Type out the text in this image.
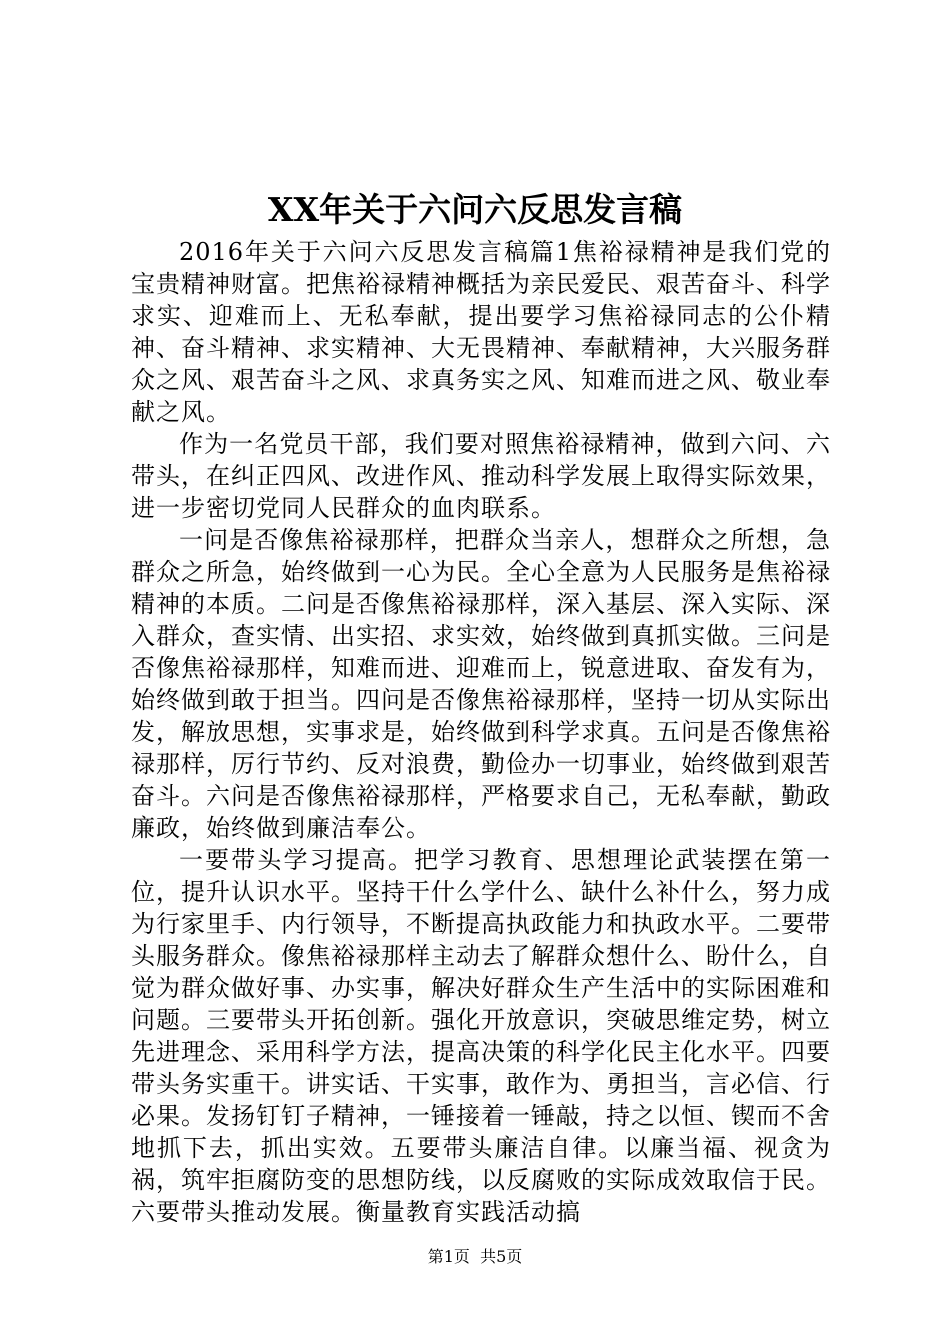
XX年关于六问六反思发言稿

2016年关于六问六反思发言稿篇1焦裕禄精神是我们党的宝贵精神财富。把焦裕禄精神概括为亲民爱民、艰苦奋斗、科学求实、迎难而上、无私奉献，提出要学习焦裕禄同志的公仆精神、奋斗精神、求实精神、大无畏精神、奉献精神，大兴服务群众之风、艰苦奋斗之风、求真务实之风、知难而进之风、敬业奉献之风。

作为一名党员干部，我们要对照焦裕禄精神，做到六问、六带头，在纠正四风、改进作风、推动科学发展上取得实际效果，进一步密切党同人民群众的血肉联系。

一问是否像焦裕禄那样，把群众当亲人，想群众之所想，急群众之所急，始终做到一心为民。全心全意为人民服务是焦裕禄精神的本质。二问是否像焦裕禄那样，深入基层、深入实际、深入群众，查实情、出实招、求实效，始终做到真抓实做。三问是否像焦裕禄那样，知难而进、迎难而上，锐意进取、奋发有为，始终做到敢于担当。四问是否像焦裕禄那样，坚持一切从实际出发，解放思想，实事求是，始终做到科学求真。五问是否像焦裕禄那样，厉行节约、反对浪费，勤俭办一切事业，始终做到艰苦奋斗。六问是否像焦裕禄那样，严格要求自己，无私奉献，勤政廉政，始终做到廉洁奉公。

一要带头学习提高。把学习教育、思想理论武装摆在第一位，提升认识水平。坚持干什么学什么、缺什么补什么，努力成为行家里手、内行领导，不断提高执政能力和执政水平。二要带头服务群众。像焦裕禄那样主动去了解群众想什么、盼什么，自觉为群众做好事、办实事，解决好群众生产生活中的实际困难和问题。三要带头开拓创新。强化开放意识，突破思维定势，树立先进理念、采用科学方法，提高决策的科学化民主化水平。四要带头务实重干。讲实话、干实事，敢作为、勇担当，言必信、行必果。发扬钉钉子精神，一锤接着一锤敲，持之以恒、锲而不舍地抓下去，抓出实效。五要带头廉洁自律。以廉当福、视贪为祸，筑牢拒腐防变的思想防线，以反腐败的实际成效取信于民。六要带头推动发展。衡量教育实践活动搞

第1页 共5页
